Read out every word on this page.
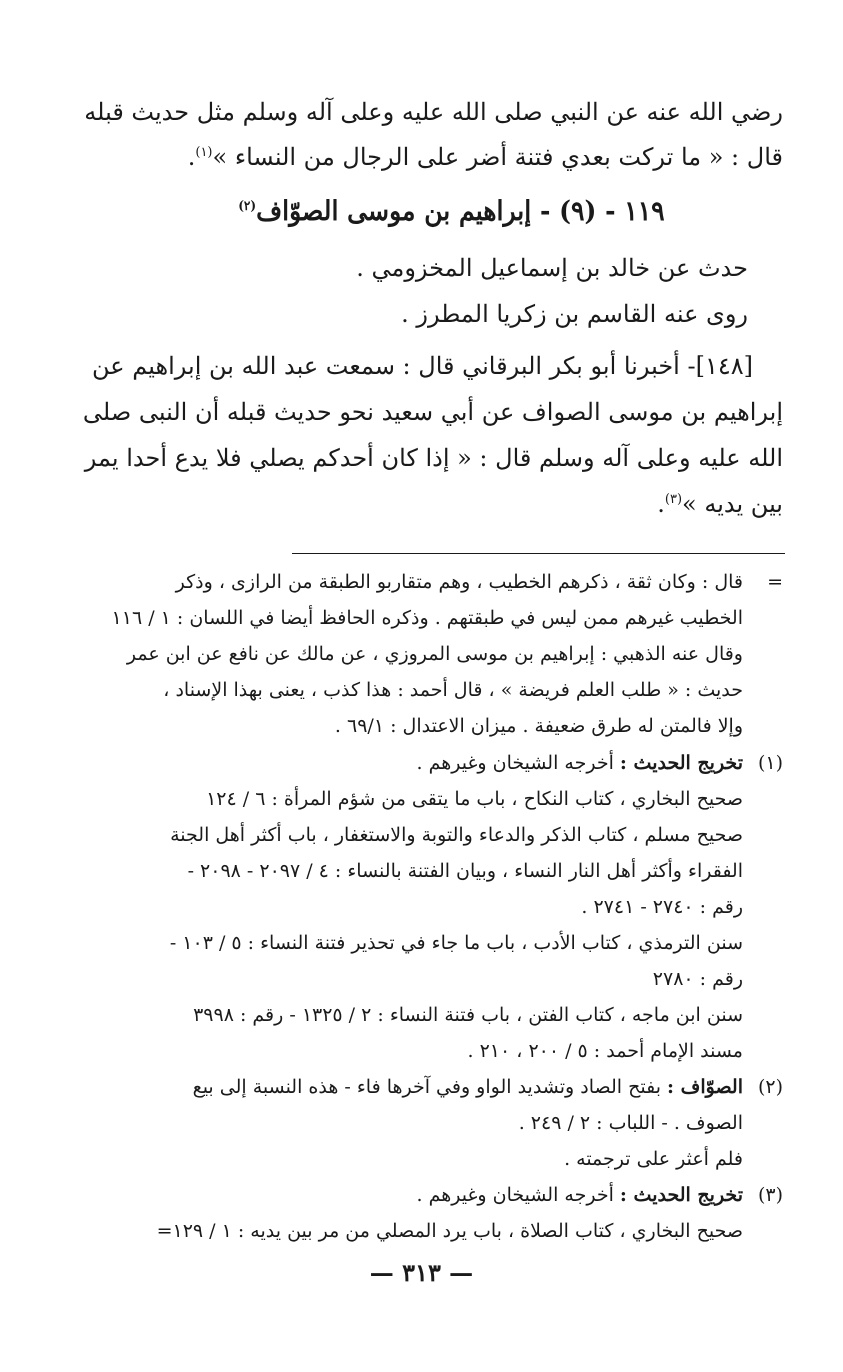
رضي الله عنه عن النبي صلى الله عليه وعلى آله وسلم مثل حديث قبله
قال : « ما تركت بعدي فتنة أضر على الرجال من النساء »$^{(١)}$.
١١٩ - (٩) - إبراهيم بن موسى الصوّاف$^{(٢)}$
حدث عن خالد بن إسماعيل المخزومي .
روى عنه القاسم بن زكريا المطرز .
[١٤٨]- أخبرنا أبو بكر البرقاني قال : سمعت عبد الله بن إبراهيم عن
إبراهيم بن موسى الصواف عن أبي سعيد نحو حديث قبله أن النبى صلى
الله عليه وعلى آله وسلم قال : « إذا كان أحدكم يصلي فلا يدع أحدا يمر
بين يديه »$^{(٣)}$.
=
قال : وكان ثقة ، ذكرهم الخطيب ، وهم متقاربو الطبقة من الرازى ، وذكر
الخطيب غيرهم ممن ليس في طبقتهم . وذكره الحافظ أيضا في اللسان : ١ / ١١٦
وقال عنه الذهبي : إبراهيم بن موسى المروزي ، عن مالك عن نافع عن ابن عمر
حديث : « طلب العلم فريضة » ، قال أحمد : هذا كذب ، يعنى بهذا الإسناد ،
وإلا فالمتن له طرق ضعيفة . ميزان الاعتدال : ٦٩/١ .
(١)
تخريج الحديث : أخرجه الشيخان وغيرهم .
صحيح البخاري ، كتاب النكاح ، باب ما يتقى من شؤم المرأة : ٦ / ١٢٤
صحيح مسلم ، كتاب الذكر والدعاء والتوبة والاستغفار ، باب أكثر أهل الجنة
الفقراء وأكثر أهل النار النساء ، وبيان الفتنة بالنساء : ٤ / ٢٠٩٧ - ٢٠٩٨ -
رقم : ٢٧٤٠ - ٢٧٤١ .
سنن الترمذي ، كتاب الأدب ، باب ما جاء في تحذير فتنة النساء : ٥ / ١٠٣ -
رقم : ٢٧٨٠
سنن ابن ماجه ، كتاب الفتن ، باب فتنة النساء : ٢ / ١٣٢٥ - رقم : ٣٩٩٨
مسند الإمام أحمد : ٥ / ٢٠٠ ، ٢١٠ .
(٢)
الصوّاف : بفتح الصاد وتشديد الواو وفي آخرها فاء - هذه النسبة إلى بيع
الصوف . - اللباب : ٢ / ٢٤٩ .
فلم أعثر على ترجمته .
(٣)
تخريج الحديث : أخرجه الشيخان وغيرهم .
صحيح البخاري ، كتاب الصلاة ، باب يرد المصلي من مر بين يديه : ١ / ١٢٩=
— ٣١٣ —
